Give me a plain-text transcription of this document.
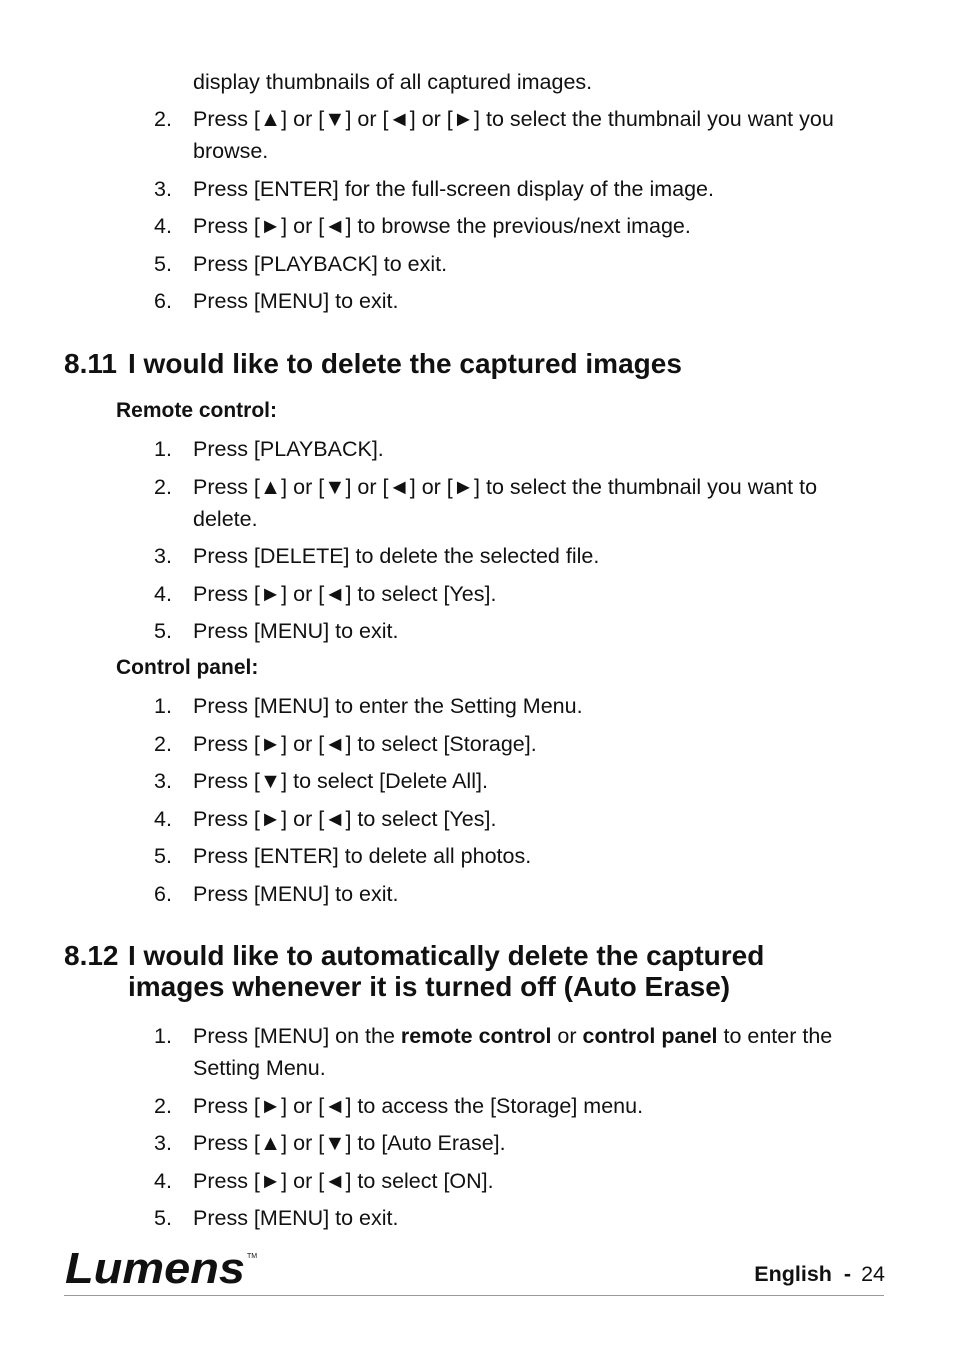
display thumbnails of all captured images.

2. Press [▲] or [▼] or [◄] or [►] to select the thumbnail you want you browse.
3. Press [ENTER] for the full-screen display of the image.
4. Press [►] or [◄] to browse the previous/next image.
5. Press [PLAYBACK] to exit.
6. Press [MENU] to exit.
8.11 I would like to delete the captured images

Remote control:

1. Press [PLAYBACK].
2. Press [▲] or [▼] or [◄] or [►] to select the thumbnail you want to delete.
3. Press [DELETE] to delete the selected file.
4. Press [►] or [◄] to select [Yes].
5. Press [MENU] to exit.

Control panel:

1. Press [MENU] to enter the Setting Menu.
2. Press [►] or [◄] to select [Storage].
3. Press [▼] to select [Delete All].
4. Press [►] or [◄] to select [Yes].
5. Press [ENTER] to delete all photos.
6. Press [MENU] to exit.
8.12 I would like to automatically delete the captured images whenever it is turned off (Auto Erase)
1. Press [MENU] on the remote control or control panel to enter the Setting Menu.
2. Press [►] or [◄] to access the [Storage] menu.
3. Press [▲] or [▼] to [Auto Erase].
4. Press [►] or [◄] to select [ON].
5. Press [MENU] to exit.
Lumens TM
English - 24
